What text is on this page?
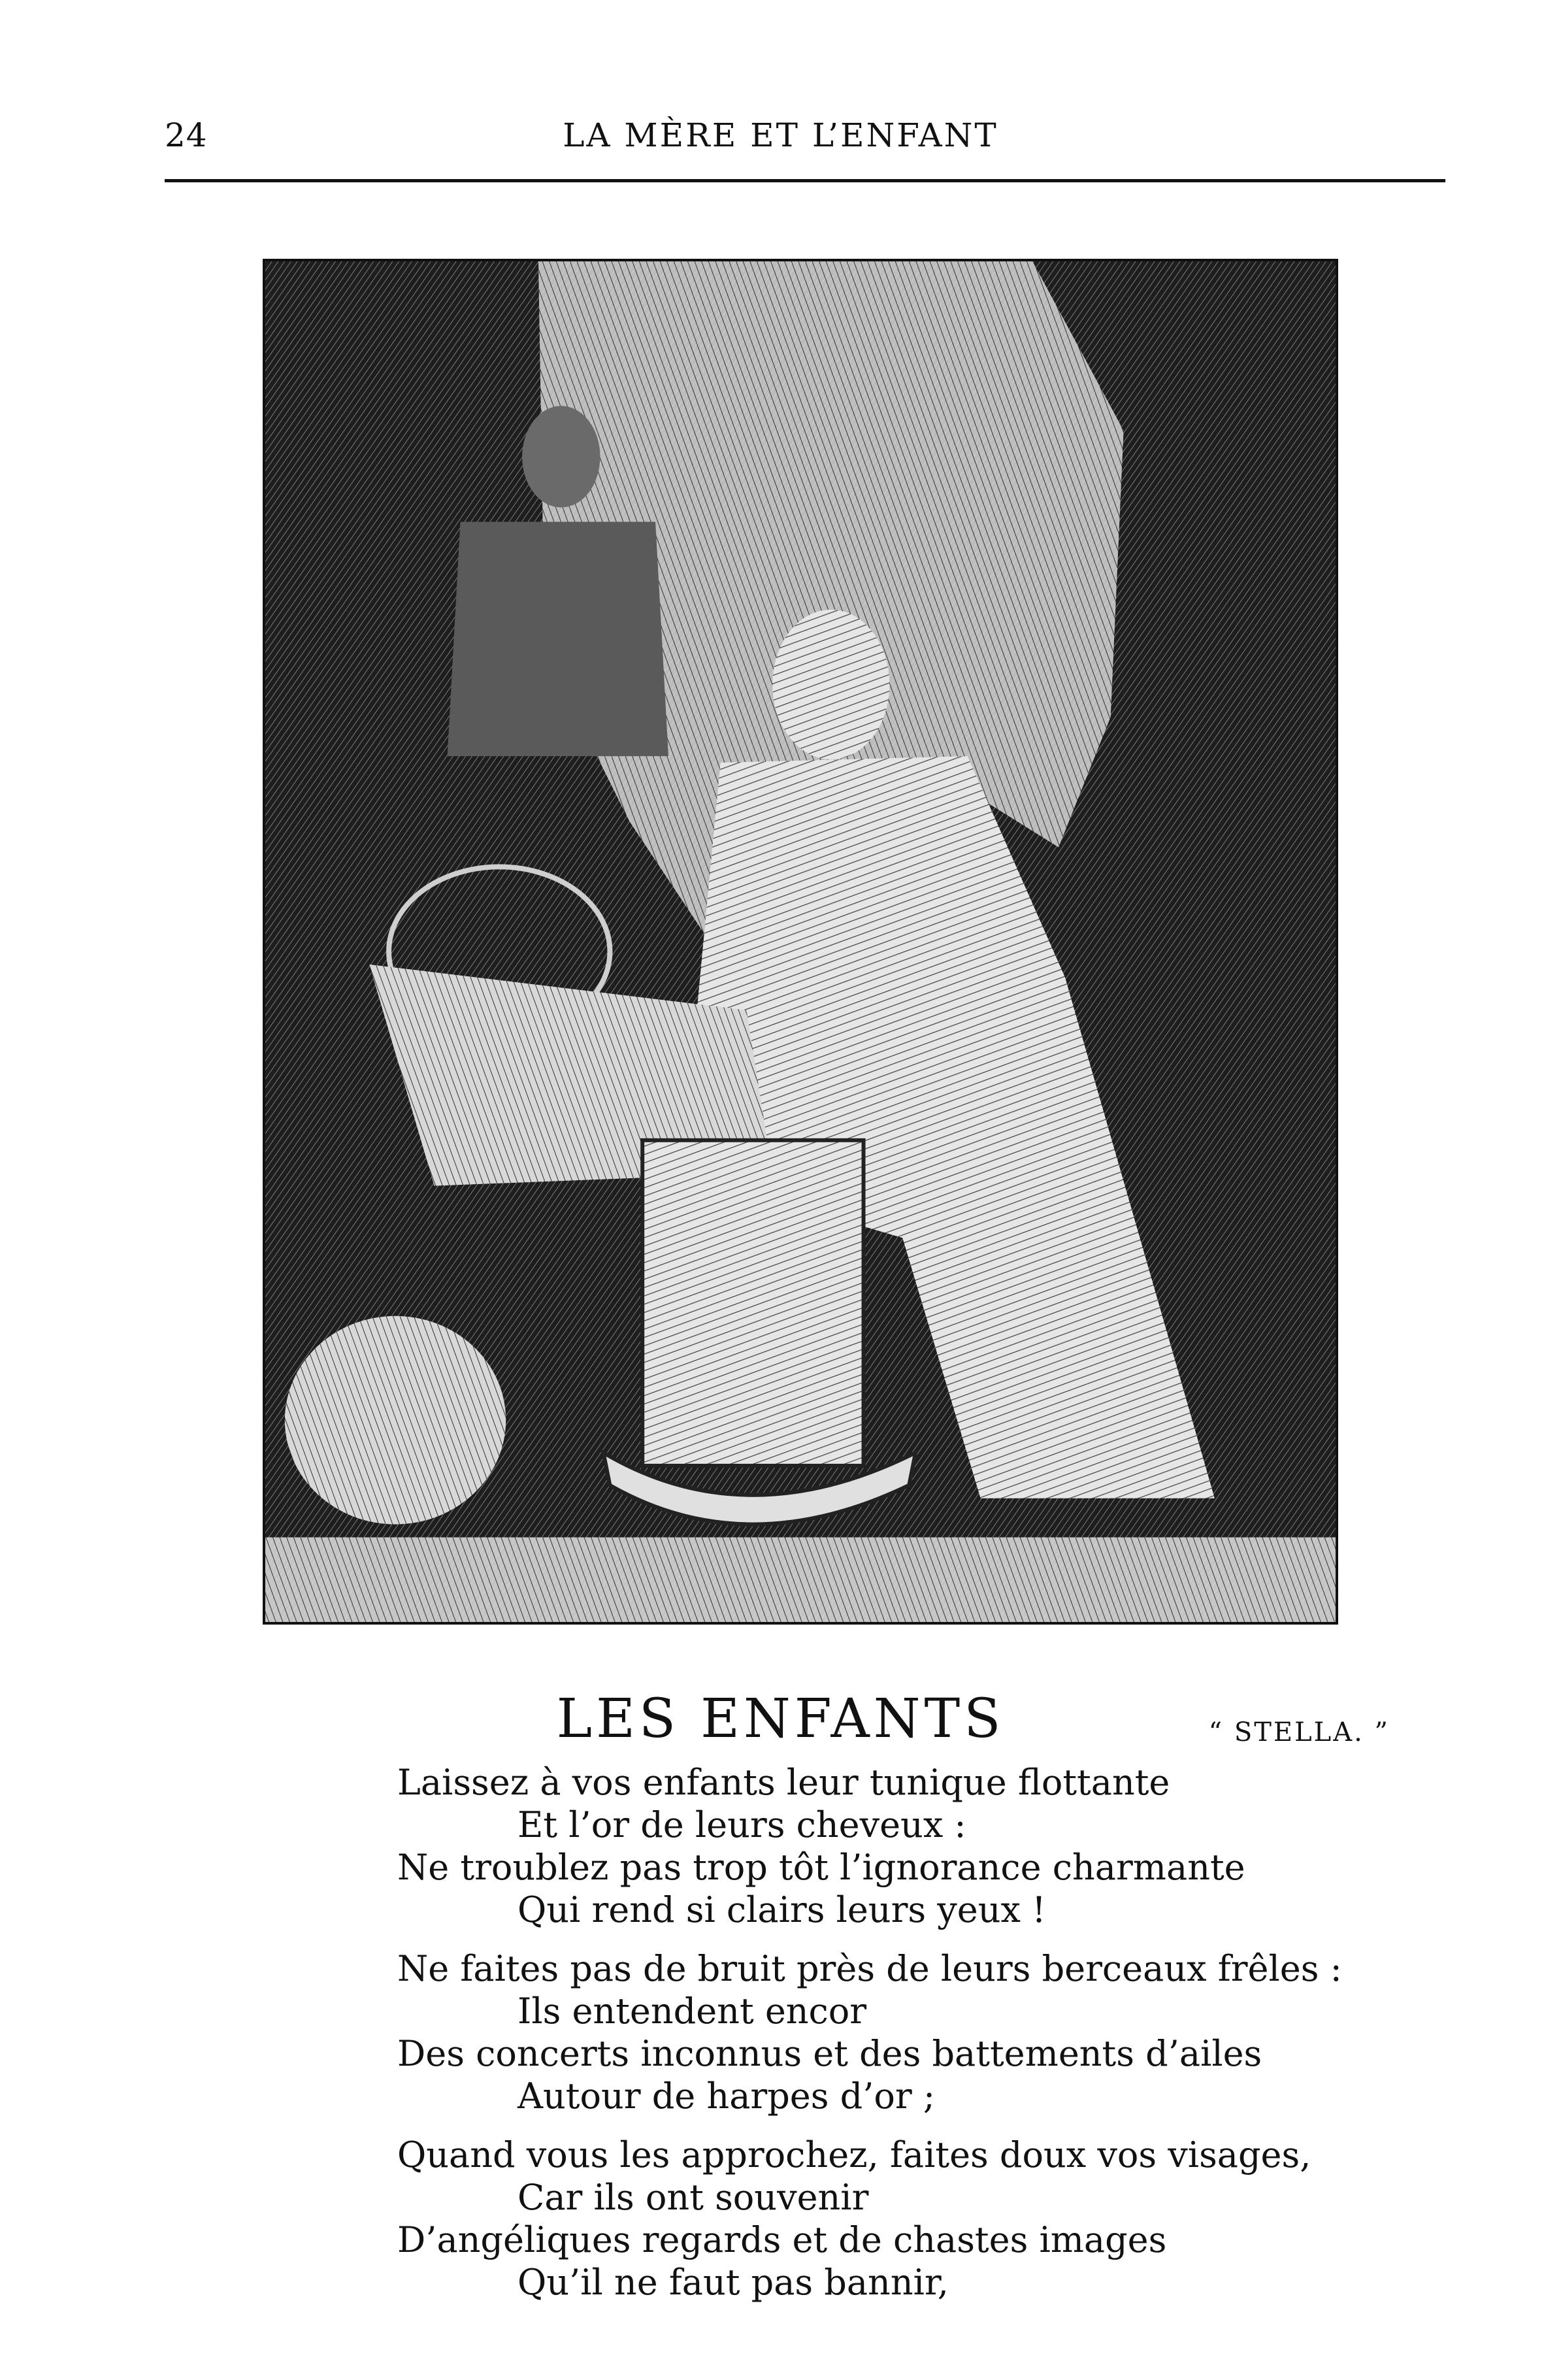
24	LA MÈRE ET L’ENFANT
LES ENFANTS	“ STELLA. ”
Laissez à vos enfants leur tunique flottante
Et l’or de leurs cheveux :
Ne troublez pas trop tôt l’ignorance charmante
Qui rend si clairs leurs yeux !
Ne faites pas de bruit près de leurs berceaux frêles :
Ils entendent encor
Des concerts inconnus et des battements d’ailes
Autour de harpes d’or ;
Quand vous les approchez, faites doux vos visages,
Car ils ont souvenir
D’angéliques regards et de chastes images
Qu’il ne faut pas bannir,
